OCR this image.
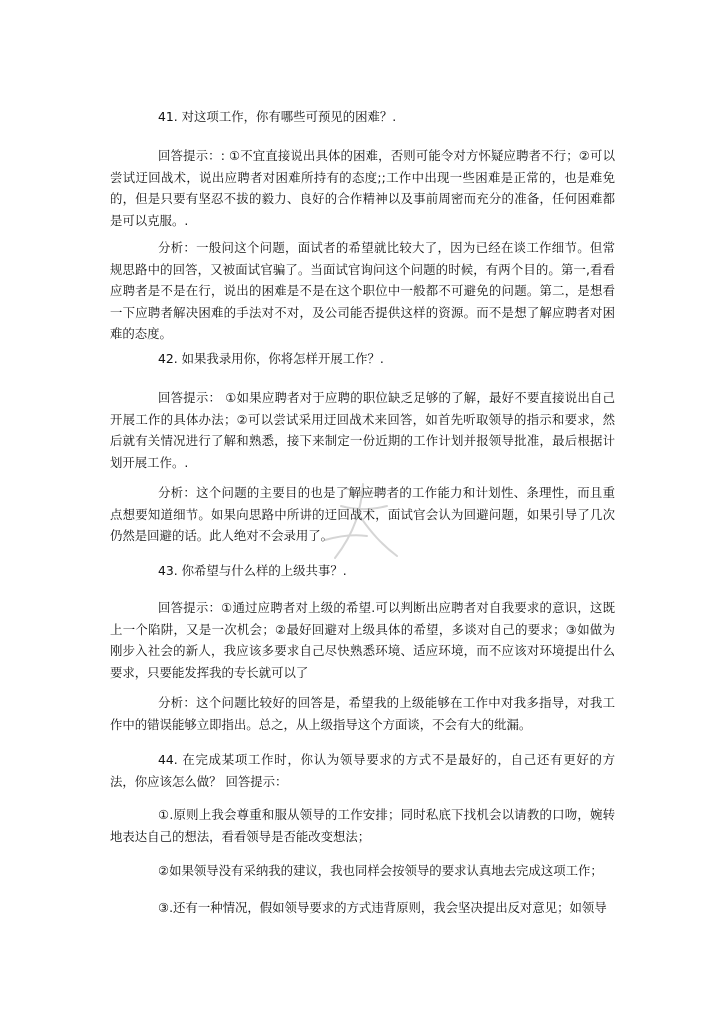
41. 对这项工作，你有哪些可预见的困难？.

回答提示：: ①不宜直接说出具体的困难，否则可能令对方怀疑应聘者不行；②可以尝试迂回战术，说出应聘者对困难所持有的态度;;工作中出现一些困难是正常的，也是难免的，但是只要有坚忍不拔的毅力、良好的合作精神以及事前周密而充分的准备，任何困难都是可以克服。.

分析：一般问这个问题，面试者的希望就比较大了，因为已经在谈工作细节。但常规思路中的回答，又被面试官骗了。当面试官询问这个问题的时候，有两个目的。第一,看看应聘者是不是在行，说出的困难是不是在这个职位中一般都不可避免的问题。第二，是想看一下应聘者解决困难的手法对不对，及公司能否提供这样的资源。而不是想了解应聘者对困难的态度。

42. 如果我录用你，你将怎样开展工作？.

回答提示： ①如果应聘者对于应聘的职位缺乏足够的了解，最好不要直接说出自己开展工作的具体办法；②可以尝试采用迂回战术来回答，如首先听取领导的指示和要求，然后就有关情况进行了解和熟悉，接下来制定一份近期的工作计划并报领导批准，最后根据计划开展工作。.

分析：这个问题的主要目的也是了解应聘者的工作能力和计划性、条理性，而且重点想要知道细节。如果向思路中所讲的迂回战术，面试官会认为回避问题，如果引导了几次仍然是回避的话。此人绝对不会录用了。

43. 你希望与什么样的上级共事？.

回答提示：①通过应聘者对上级的希望.可以判断出应聘者对自我要求的意识，这既上一个陷阱，又是一次机会；②最好回避对上级具体的希望，多谈对自己的要求；③如做为刚步入社会的新人，我应该多要求自己尽快熟悉环境、适应环境，而不应该对环境提出什么要求，只要能发挥我的专长就可以了

分析：这个问题比较好的回答是，希望我的上级能够在工作中对我多指导，对我工作中的错误能够立即指出。总之，从上级指导这个方面谈，不会有大的纰漏。

44. 在完成某项工作时，你认为领导要求的方式不是最好的，自己还有更好的方法，你应该怎么做？ 回答提示：

①.原则上我会尊重和服从领导的工作安排；同时私底下找机会以请教的口吻，婉转地表达自己的想法，看看领导是否能改变想法；

②如果领导没有采纳我的建议，我也同样会按领导的要求认真地去完成这项工作；

③.还有一种情况，假如领导要求的方式违背原则，我会坚决提出反对意见；如领导
